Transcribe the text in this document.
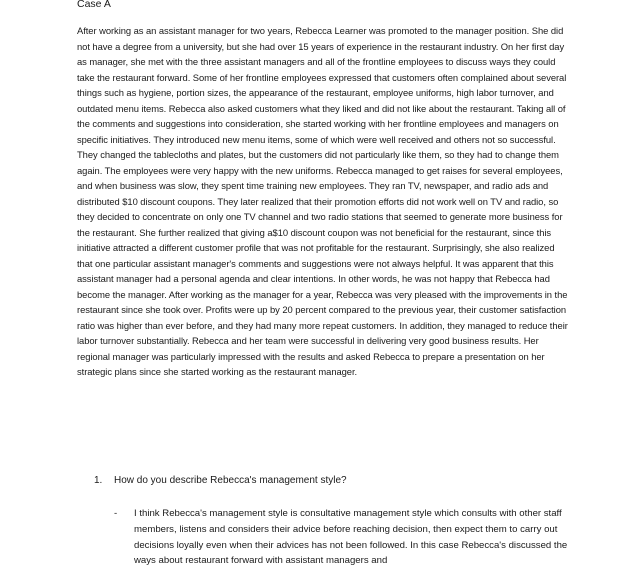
Case A

After working as an assistant manager for two years, Rebecca Learner was promoted to the manager position. She did not have a degree from a university, but she had over 15 years of experience in the restaurant industry. On her first day as manager, she met with the three assistant managers and all of the frontline employees to discuss ways they could take the restaurant forward. Some of her frontline employees expressed that customers often complained about several things such as hygiene, portion sizes, the appearance of the restaurant, employee uniforms, high labor turnover, and outdated menu items. Rebecca also asked customers what they liked and did not like about the restaurant. Taking all of the comments and suggestions into consideration, she started working with her frontline employees and managers on specific initiatives. They introduced new menu items, some of which were well received and others not so successful. They changed the tablecloths and plates, but the customers did not particularly like them, so they had to change them again. The employees were very happy with the new uniforms. Rebecca managed to get raises for several employees, and when business was slow, they spent time training new employees. They ran TV, newspaper, and radio ads and distributed $10 discount coupons. They later realized that their promotion efforts did not work well on TV and radio, so they decided to concentrate on only one TV channel and two radio stations that seemed to generate more business for the restaurant. She further realized that giving a$10 discount coupon was not beneficial for the restaurant, since this initiative attracted a different customer profile that was not profitable for the restaurant. Surprisingly, she also realized that one particular assistant manager's comments and suggestions were not always helpful. It was apparent that this assistant manager had a personal agenda and clear intentions. In other words, he was not happy that Rebecca had become the manager. After working as the manager for a year, Rebecca was very pleased with the improvements in the restaurant since she took over. Profits were up by 20 percent compared to the previous year, their customer satisfaction ratio was higher than ever before, and they had many more repeat customers. In addition, they managed to reduce their labor turnover substantially. Rebecca and her team were successful in delivering very good business results. Her regional manager was particularly impressed with the results and asked Rebecca to prepare a presentation on her strategic plans since she started working as the restaurant manager.

1.	How do you describe Rebecca's management style?
-	I think Rebecca's management style is consultative management style which consults with other staff members, listens and considers their advice before reaching decision, then expect them to carry out decisions loyally even when their advices has not been followed. In this case Rebecca's discussed the ways about restaurant forward with assistant managers and
